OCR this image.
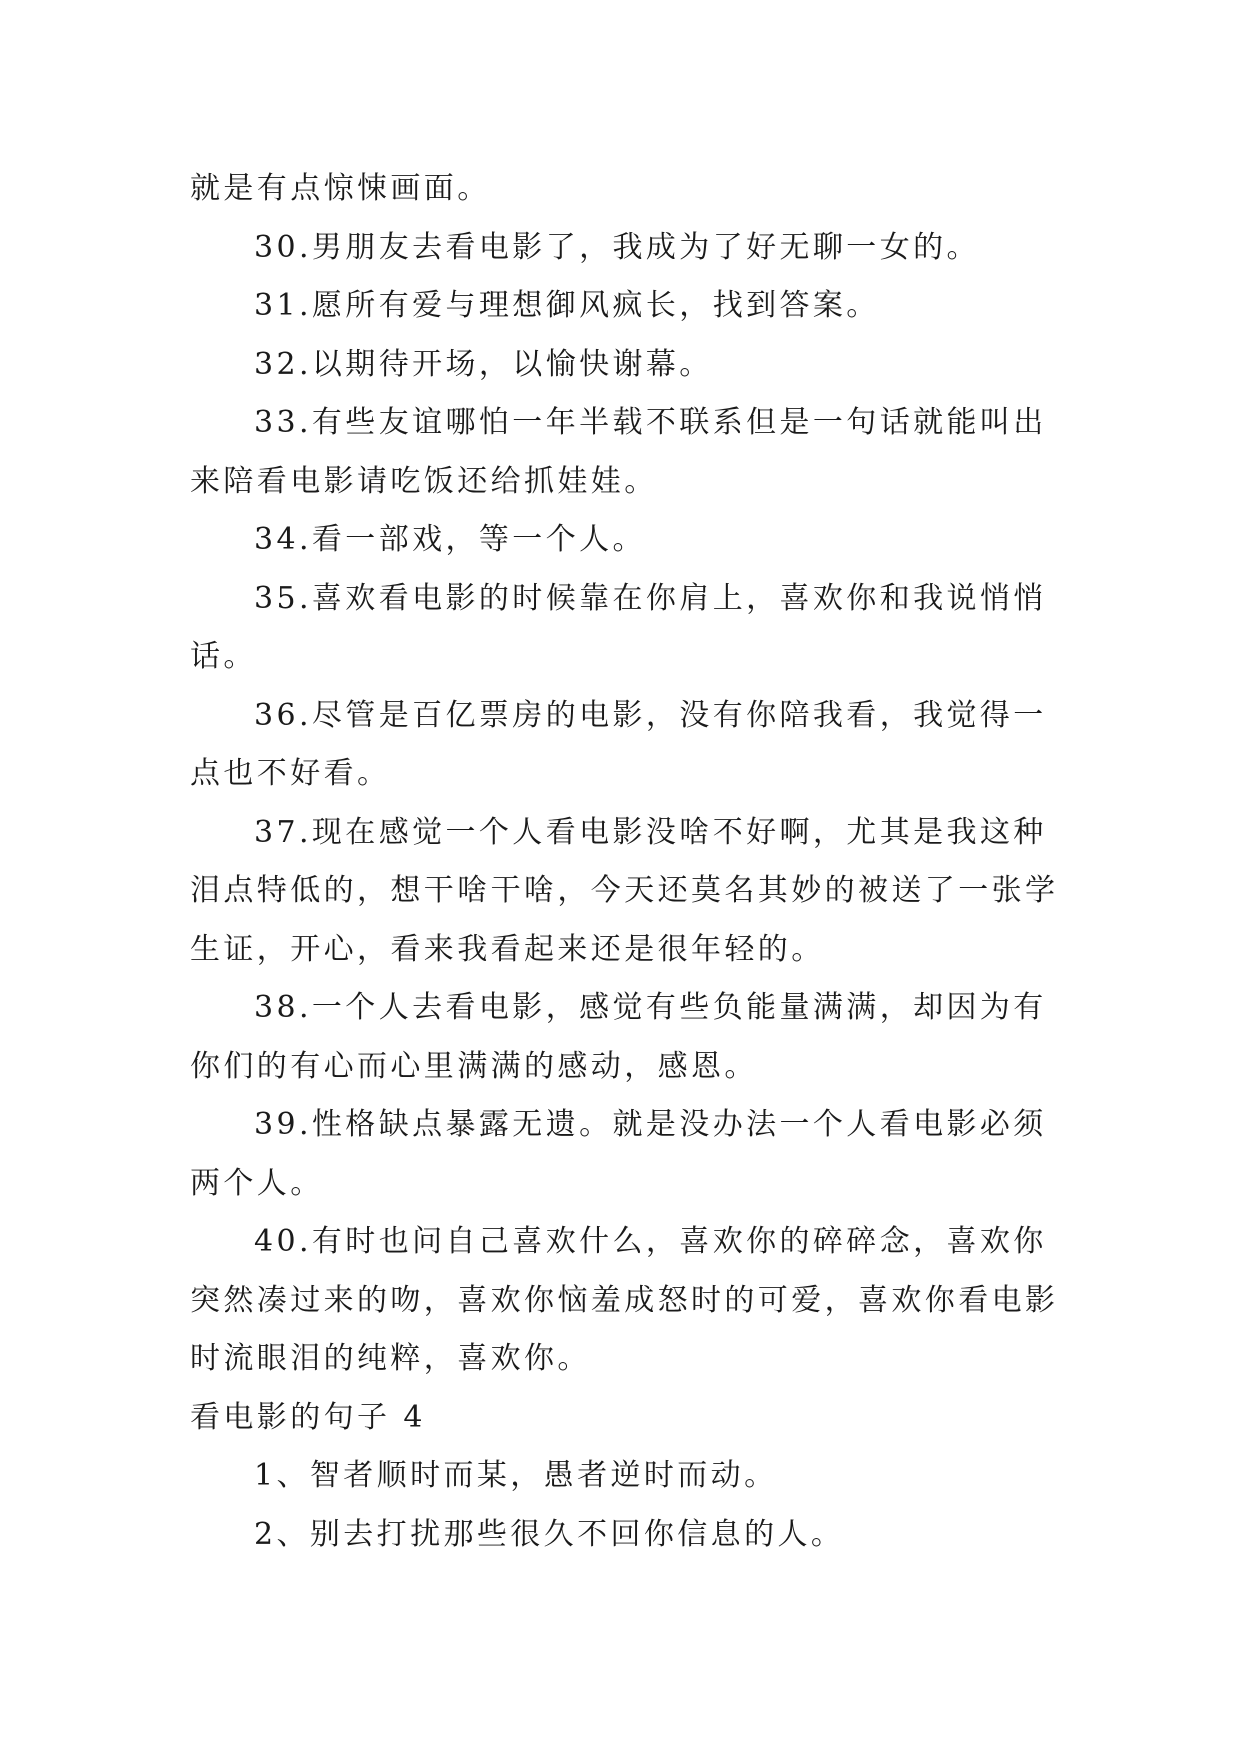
就是有点惊悚画面。
30.男朋友去看电影了，我成为了好无聊一女的。
31.愿所有爱与理想御风疯长，找到答案。
32.以期待开场，以愉快谢幕。
33.有些友谊哪怕一年半载不联系但是一句话就能叫出
来陪看电影请吃饭还给抓娃娃。
34.看一部戏，等一个人。
35.喜欢看电影的时候靠在你肩上，喜欢你和我说悄悄
话。
36.尽管是百亿票房的电影，没有你陪我看，我觉得一
点也不好看。
37.现在感觉一个人看电影没啥不好啊，尤其是我这种
泪点特低的，想干啥干啥，今天还莫名其妙的被送了一张学
生证，开心，看来我看起来还是很年轻的。
38.一个人去看电影，感觉有些负能量满满，却因为有
你们的有心而心里满满的感动，感恩。
39.性格缺点暴露无遗。就是没办法一个人看电影必须
两个人。
40.有时也问自己喜欢什么，喜欢你的碎碎念，喜欢你
突然凑过来的吻，喜欢你恼羞成怒时的可爱，喜欢你看电影
时流眼泪的纯粹，喜欢你。
看电影的句子 4
1、智者顺时而某，愚者逆时而动。
2、别去打扰那些很久不回你信息的人。
